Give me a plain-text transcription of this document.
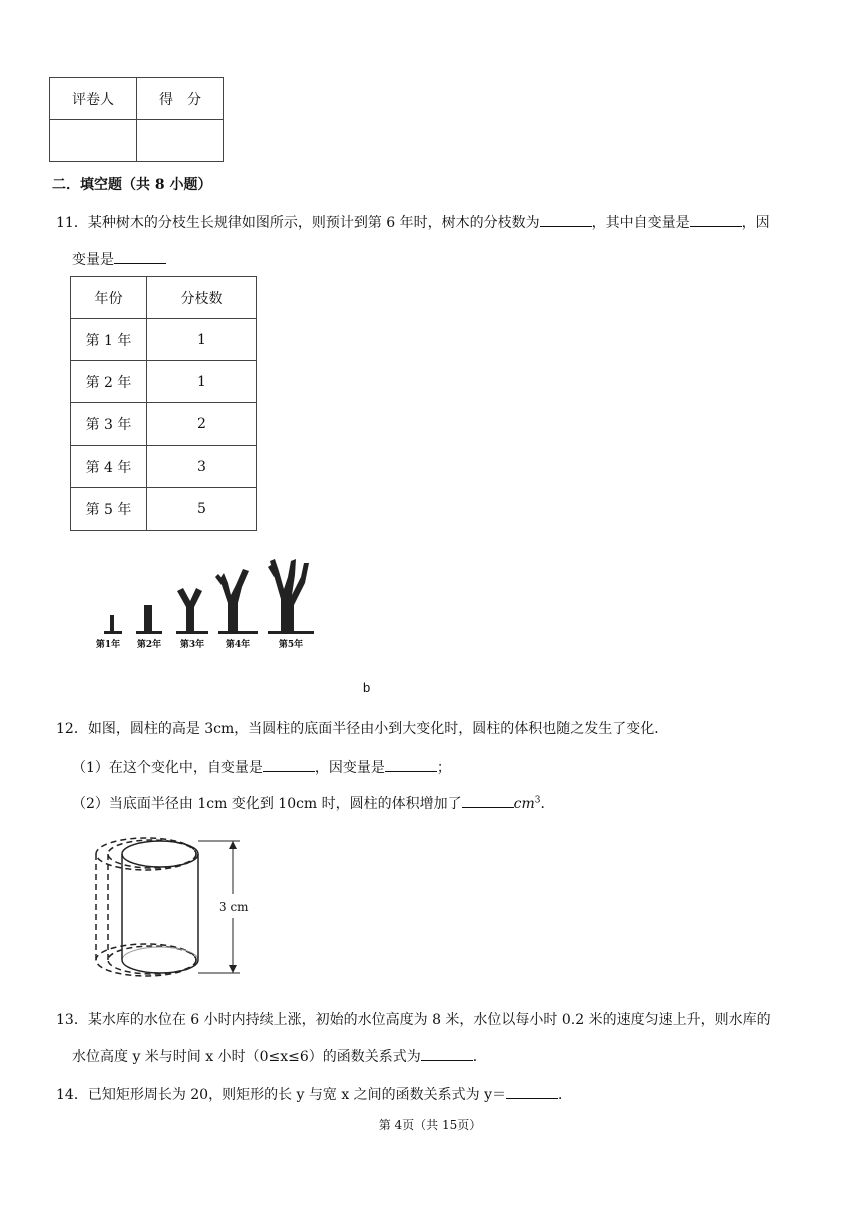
评卷人	得　分

二．填空题（共 8 小题）
11．某种树木的分枝生长规律如图所示，则预计到第 6 年时，树木的分枝数为	，其中自变量是	，因
变量是
年份	分枝数
第 1 年	1
第 2 年	1
第 3 年	2
第 4 年	3
第 5 年	5
第1年 第2年 第3年 第4年	第5年
b
12．如图，圆柱的高是 3cm，当圆柱的底面半径由小到大变化时，圆柱的体积也随之发生了变化．
（1）在这个变化中，自变量是	，因变量是	；
（2）当底面半径由 1cm 变化到 10cm 时，圆柱的体积增加了	$cm^3$．
3 cm
13．某水库的水位在 6 小时内持续上涨，初始的水位高度为 8 米，水位以每小时 0.2 米的速度匀速上升，则水库的
水位高度 y 米与时间 x 小时（0≤x≤6）的函数关系式为	．
14．已知矩形周长为 20，则矩形的长 y 与宽 x 之间的函数关系式为 y＝	．
第 4页（共 15页）
